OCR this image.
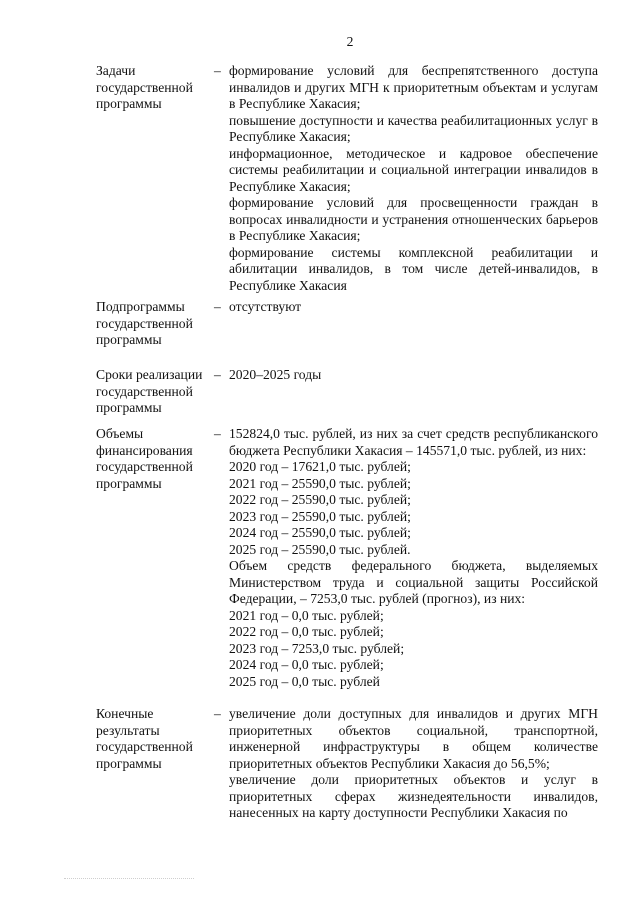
2
Задачи
государственной
программы
– формирование условий для беспрепятственного доступа инвалидов и других МГН к приоритетным объектам и услугам в Республике Хакасия;

повышение доступности и качества реабилитационных услуг в Республике Хакасия;

информационное, методическое и кадровое обеспечение системы реабилитации и социальной интеграции инвалидов в Республике Хакасия;

формирование условий для просвещенности граждан в вопросах инвалидности и устранения отношенческих барьеров в Республике Хакасия;

формирование системы комплексной реабилитации и абилитации инвалидов, в том числе детей-инвалидов, в Республике Хакасия

Подпрограммы
государственной
программы
– отсутствуют

Сроки реализации
государственной
программы
– 2020–2025 годы

Объемы
финансирования
государственной
программы
– 152824,0 тыс. рублей, из них за счет средств республиканского бюджета Республики Хакасия – 145571,0 тыс. рублей, из них:

2020 год – 17621,0 тыс. рублей;

2021 год – 25590,0 тыс. рублей;

2022 год – 25590,0 тыс. рублей;

2023 год – 25590,0 тыс. рублей;

2024 год – 25590,0 тыс. рублей;

2025 год – 25590,0 тыс. рублей.

Объем средств федерального бюджета, выделяемых Министерством труда и социальной защиты Российской Федерации, – 7253,0 тыс. рублей (прогноз), из них:

2021 год – 0,0 тыс. рублей;

2022 год – 0,0 тыс. рублей;

2023 год – 7253,0 тыс. рублей;

2024 год – 0,0 тыс. рублей;

2025 год – 0,0 тыс. рублей

Конечные
результаты
государственной
программы
– увеличение доли доступных для инвалидов и других МГН приоритетных объектов социальной, транспортной, инженерной инфраструктуры в общем количестве приоритетных объектов Республики Хакасия до 56,5%;

увеличение доли приоритетных объектов и услуг в приоритетных сферах жизнедеятельности инвалидов, нанесенных на карту доступности Республики Хакасия по
